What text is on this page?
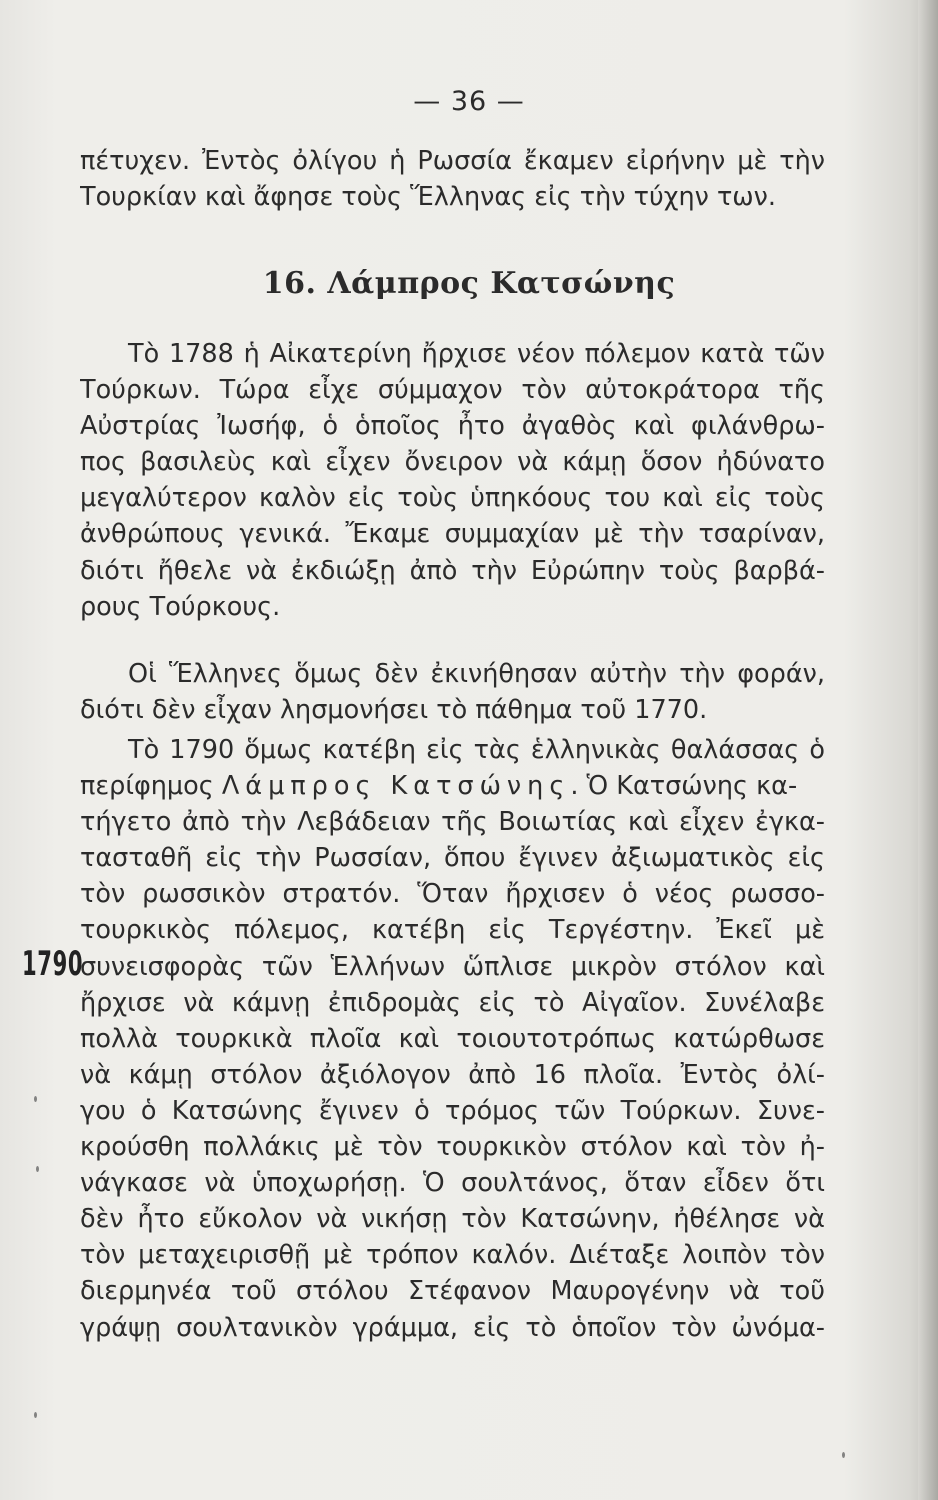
— 36 —
πέτυχεν. Ἐντὸς ὀλίγου ἡ Ρωσσία ἔκαμεν εἰρήνην μὲ τὴν
Τουρκίαν καὶ ἄφησε τοὺς Ἕλληνας εἰς τὴν τύχην των.
16. Λάμπρος Κατσώνης
Τὸ 1788 ἡ Αἰκατερίνη ἤρχισε νέον πόλεμον κατὰ τῶν
Τούρκων. Τώρα εἶχε σύμμαχον τὸν αὐτοκράτορα τῆς
Αὐστρίας Ἰωσήφ, ὁ ὁποῖος ἦτο ἀγαθὸς καὶ φιλάνθρω-
πος βασιλεὺς καὶ εἶχεν ὄνειρον νὰ κάμῃ ὅσον ἠδύνατο
μεγαλύτερον καλὸν εἰς τοὺς ὑπηκόους του καὶ εἰς τοὺς
ἀνθρώπους γενικά. Ἔκαμε συμμαχίαν μὲ τὴν τσαρίναν,
διότι ἤθελε νὰ ἐκδιώξῃ ἀπὸ τὴν Εὐρώπην τοὺς βαρβά-
ρους Τούρκους.
Οἱ Ἕλληνες ὅμως δὲν ἐκινήθησαν αὐτὴν τὴν φοράν,
διότι δὲν εἶχαν λησμονήσει τὸ πάθημα τοῦ 1770.
Τὸ 1790 ὅμως κατέβη εἰς τὰς ἑλληνικὰς θαλάσσας ὁ
περίφημος Λάμπρος Κατσώνης. Ὁ Κατσώνης κα-
τήγετο ἀπὸ τὴν Λεβάδειαν τῆς Βοιωτίας καὶ εἶχεν ἐγκα-
τασταθῆ εἰς τὴν Ρωσσίαν, ὅπου ἔγινεν ἀξιωματικὸς εἰς
τὸν ρωσσικὸν στρατόν. Ὅταν ἤρχισεν ὁ νέος ρωσσο-
τουρκικὸς πόλεμος, κατέβη εἰς Τεργέστην. Ἐκεῖ μὲ
συνεισφορὰς τῶν Ἑλλήνων ὥπλισε μικρὸν στόλον καὶ
ἤρχισε νὰ κάμνῃ ἐπιδρομὰς εἰς τὸ Αἰγαῖον. Συνέλαβε
πολλὰ τουρκικὰ πλοῖα καὶ τοιουτοτρόπως κατώρθωσε
νὰ κάμῃ στόλον ἀξιόλογον ἀπὸ 16 πλοῖα. Ἐντὸς ὀλί-
γου ὁ Κατσώνης ἔγινεν ὁ τρόμος τῶν Τούρκων. Συνε-
κρούσθη πολλάκις μὲ τὸν τουρκικὸν στόλον καὶ τὸν ἠ-
νάγκασε νὰ ὑποχωρήσῃ. Ὁ σουλτάνος, ὅταν εἶδεν ὅτι
δὲν ἦτο εὔκολον νὰ νικήσῃ τὸν Κατσώνην, ἠθέλησε νὰ
τὸν μεταχειρισθῇ μὲ τρόπον καλόν. Διέταξε λοιπὸν τὸν
διερμηνέα τοῦ στόλου Στέφανον Μαυρογένην νὰ τοῦ
γράψῃ σουλτανικὸν γράμμα, εἰς τὸ ὁποῖον τὸν ὠνόμα-
1790
